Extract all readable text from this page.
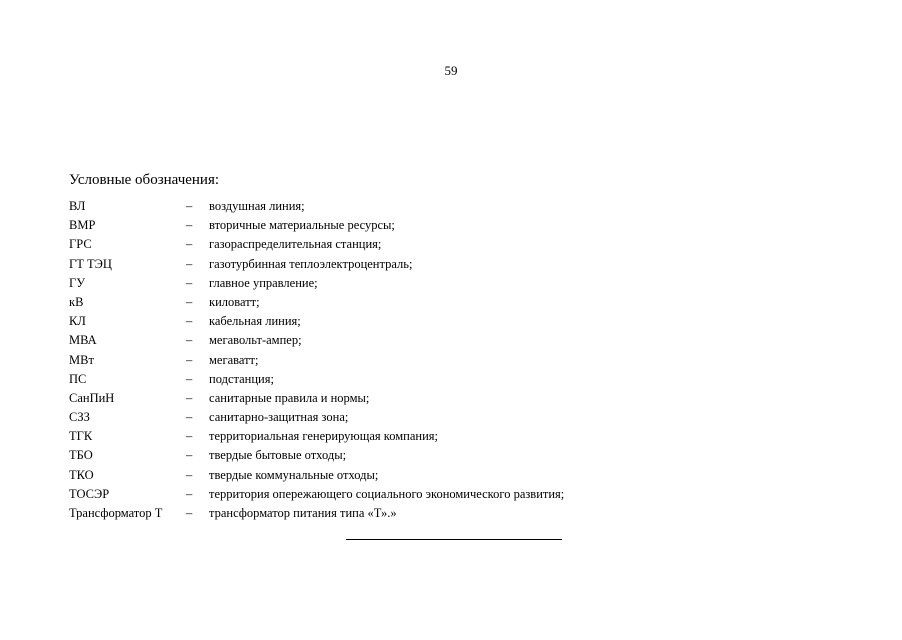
59
Условные обозначения:
ВЛ	– воздушная линия;
ВМР	– вторичные материальные ресурсы;
ГРС	– газораспределительная станция;
ГТ ТЭЦ	– газотурбинная теплоэлектроцентраль;
ГУ	– главное управление;
кВ	– киловатт;
КЛ	– кабельная линия;
МВА	– мегавольт-ампер;
МВт	– мегаватт;
ПС	– подстанция;
СанПиН	– санитарные правила и нормы;
СЗЗ	– санитарно-защитная зона;
ТГК	– территориальная генерирующая компания;
ТБО	– твердые бытовые отходы;
ТКО	– твердые коммунальные отходы;
ТОСЭР	– территория опережающего социального экономического развития;
Трансформатор Т – трансформатор питания типа «Т».»
